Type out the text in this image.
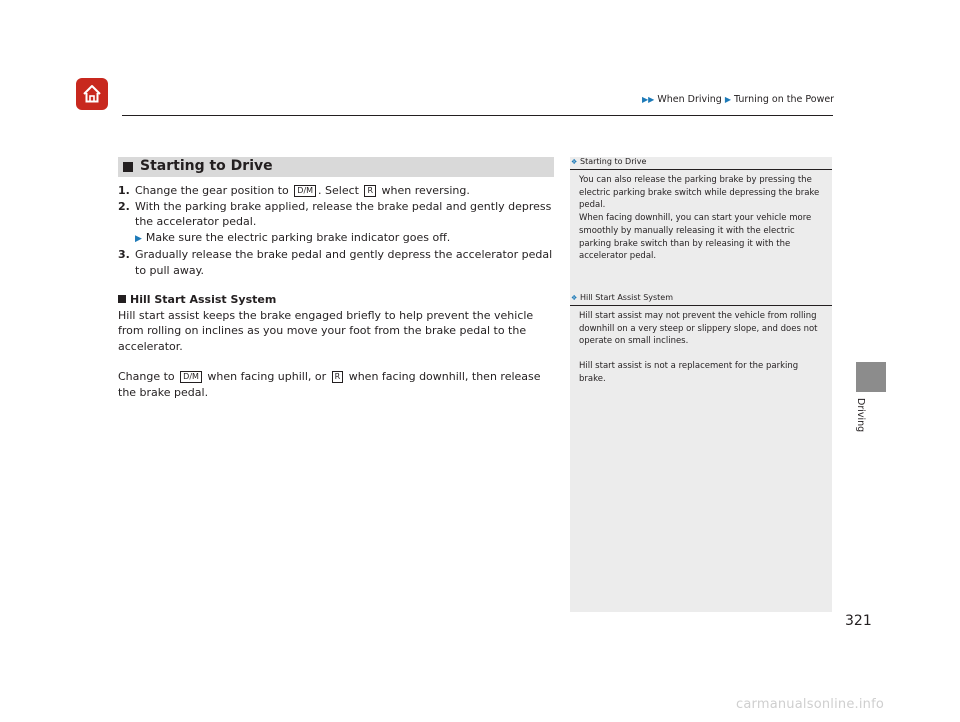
▶▶ When Driving ▶ Turning on the Power
Starting to Drive
1. Change the gear position to D/M . Select R when reversing.
2. With the parking brake applied, release the brake pedal and gently depress the accelerator pedal.
▶ Make sure the electric parking brake indicator goes off.
3. Gradually release the brake pedal and gently depress the accelerator pedal to pull away.
Hill Start Assist System
Hill start assist keeps the brake engaged briefly to help prevent the vehicle from rolling on inclines as you move your foot from the brake pedal to the accelerator.
Change to D/M when facing uphill, or R when facing downhill, then release the brake pedal.
❖ Starting to Drive

You can also release the parking brake by pressing the electric parking brake switch while depressing the brake pedal.
When facing downhill, you can start your vehicle more smoothly by manually releasing it with the electric parking brake switch than by releasing it with the accelerator pedal.

❖ Hill Start Assist System

Hill start assist may not prevent the vehicle from rolling downhill on a very steep or slippery slope, and does not operate on small inclines.

Hill start assist is not a replacement for the parking brake.

Driving
321
carmanualsonline.info
